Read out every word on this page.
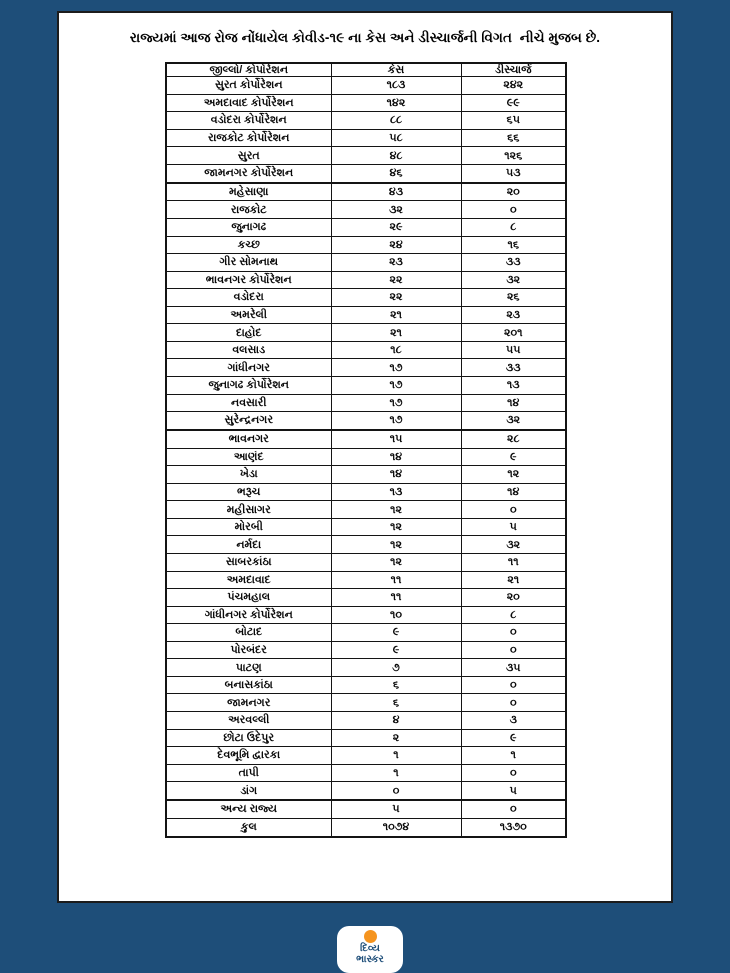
રાજ્યમાં આજ રોજ નોંધાયેલ કોવીડ-૧૯ ના કેસ અને ડીસ્ચાર્જની વિગત  નીચે મુજબ છે.
જીલ્લો/ કોર્પોરેશન	કેસ	ડીસ્ચાર્જ
સુરત કોર્પોરેશન	૧૮૩	૨૪૨
અમદાવાદ કોર્પોરેશન	૧૪૨	૯૯
વડોદરા કોર્પોરેશન	૮૮	૬૫
રાજકોટ કોર્પોરેશન	૫૮	૬૬
સુરત	૪૮	૧૨૬
જામનગર કોર્પોરેશન	૪૬	૫૩
મહેસાણા	૪૩	૨૦
રાજકોટ	૩૨	૦
જુનાગઢ	૨૯	૮
કચ્છ	૨૪	૧૬
ગીર સોમનાથ	૨૩	૩૩
ભાવનગર કોર્પોરેશન	૨૨	૩૨
વડોદરા	૨૨	૨૬
અમરેલી	૨૧	૨૩
દાહોદ	૨૧	૨૦૧
વલસાડ	૧૮	૫૫
ગાંધીનગર	૧૭	૩૩
જુનાગઢ કોર્પોરેશન	૧૭	૧૩
નવસારી	૧૭	૧૪
સુરેન્દ્રનગર	૧૭	૩૨
ભાવનગર	૧૫	૨૮
આણંદ	૧૪	૯
ખેડા	૧૪	૧૨
ભરૂચ	૧૩	૧૪
મહીસાગર	૧૨	૦
મોરબી	૧૨	૫
નર્મદા	૧૨	૩૨
સાબરકાંઠા	૧૨	૧૧
અમદાવાદ	૧૧	૨૧
પંચમહાલ	૧૧	૨૦
ગાંધીનગર કોર્પોરેશન	૧૦	૮
બોટાદ	૯	૦
પોરબંદર	૯	૦
પાટણ	૭	૩૫
બનાસકાંઠા	૬	૦
જામનગર	૬	૦
અરવલ્લી	૪	૩
છોટા ઉદેપુર	૨	૯
દેવભૂમિ દ્વારકા	૧	૧
તાપી	૧	૦
ડાંગ	૦	૫
અન્ય રાજ્ય	૫	૦
કુલ	૧૦૭૪	૧૩૭૦
દિવ્ય
ભાસ્કર
